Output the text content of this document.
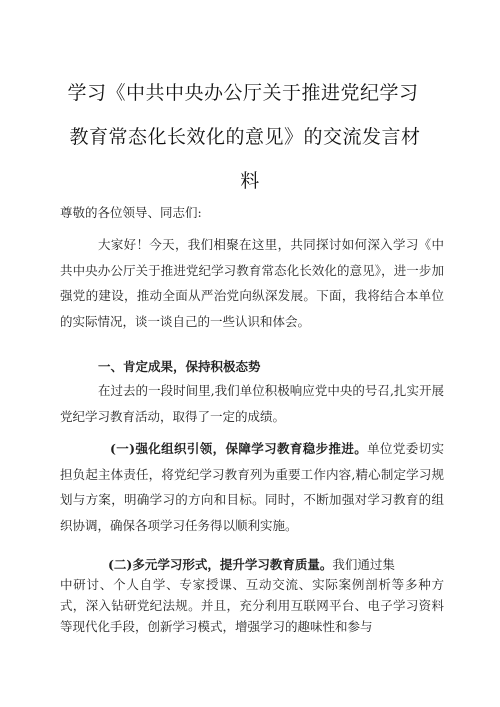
学习《中共中央办公厅关于推进党纪学习
教育常态化长效化的意见》的交流发言材
料
尊敬的各位领导、同志们:
大家好！今天，我们相聚在这里，共同探讨如何深入学习《中共中央办公厅关于推进党纪学习教育常态化长效化的意见》，进一步加强党的建设，推动全面从严治党向纵深发展。下面，我将结合本单位的实际情况，谈一谈自己的一些认识和体会。
一、肯定成果，保持积极态势
在过去的一段时间里,我们单位积极响应党中央的号召,扎实开展党纪学习教育活动，取得了一定的成绩。
(一)强化组织引领，保障学习教育稳步推进。单位党委切实担负起主体责任，将党纪学习教育列为重要工作内容,精心制定学习规划与方案，明确学习的方向和目标。同时，不断加强对学习教育的组织协调，确保各项学习任务得以顺利实施。
(二)多元学习形式，提升学习教育质量。我们通过集
中研讨、个人自学、专家授课、互动交流、实际案例剖析等多种方式，深入钻研党纪法规。并且，充分利用互联网平台、电子学习资料等现代化手段，创新学习模式，增强学习的趣味性和参与
